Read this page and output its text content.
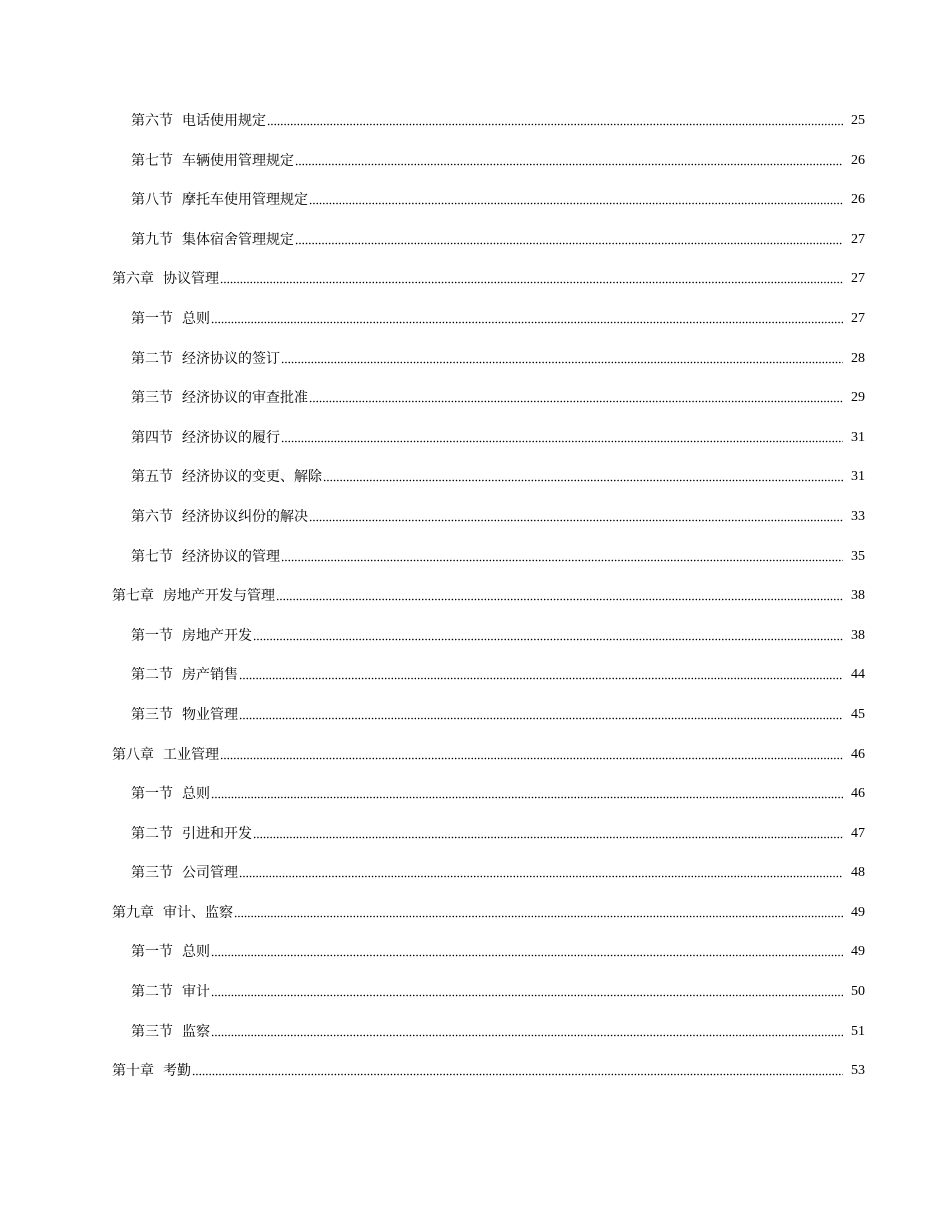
第六节 电话使用规定	25
第七节 车辆使用管理规定	26
第八节 摩托车使用管理规定	26
第九节 集体宿舍管理规定	27
第六章 协议管理	27
第一节 总则	27
第二节 经济协议的签订	28
第三节 经济协议的审查批准	29
第四节 经济协议的履行	31
第五节 经济协议的变更、解除	31
第六节 经济协议纠份的解决	33
第七节 经济协议的管理	35
第七章 房地产开发与管理	38
第一节 房地产开发	38
第二节 房产销售	44
第三节 物业管理	45
第八章 工业管理	46
第一节 总则	46
第二节 引进和开发	47
第三节 公司管理	48
第九章 审计、监察	49
第一节 总则	49
第二节 审计	50
第三节 监察	51
第十章 考勤	53
